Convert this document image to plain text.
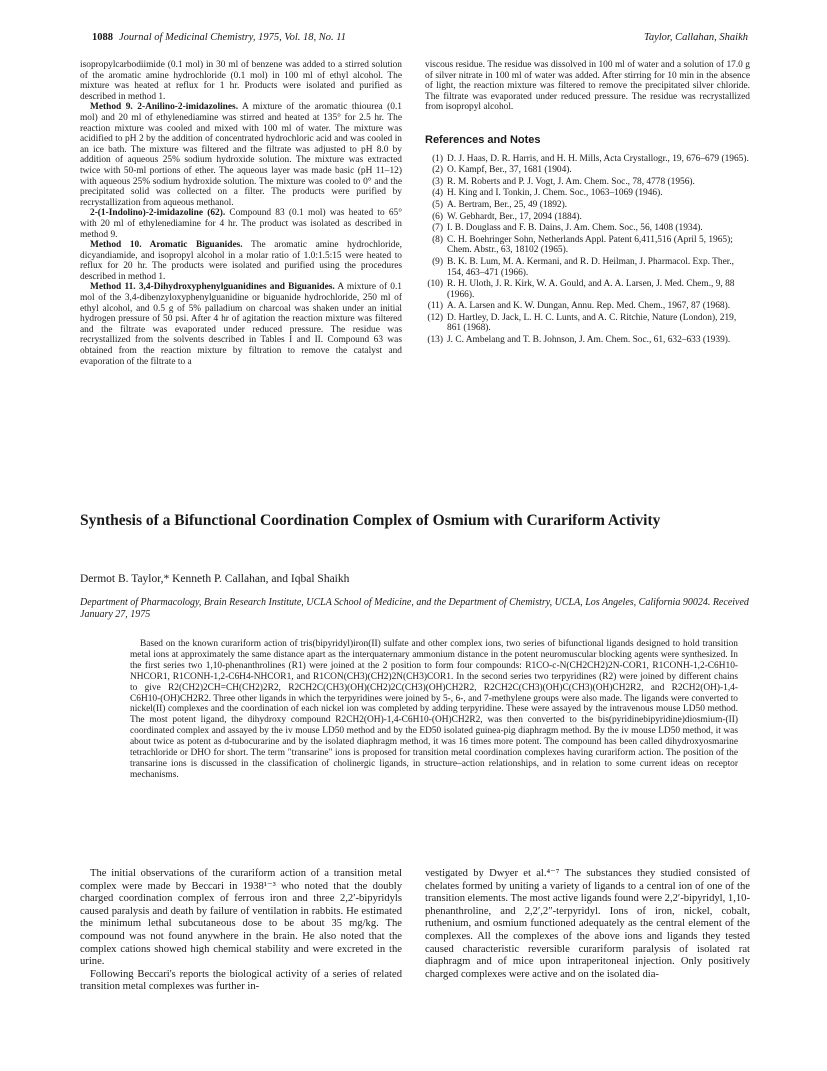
1088 Journal of Medicinal Chemistry, 1975, Vol. 18, No. 11	Taylor, Callahan, Shaikh

isopropylcarbodiimide (0.1 mol) in 30 ml of benzene was added to a stirred solution of the aromatic amine hydrochloride (0.1 mol) in 100 ml of ethyl alcohol. The mixture was heated at reflux for 1 hr. Products were isolated and purified as described in method 1.

Method 9. 2-Anilino-2-imidazolines. A mixture of the aromatic thiourea (0.1 mol) and 20 ml of ethylenediamine was stirred and heated at 135° for 2.5 hr. The reaction mixture was cooled and mixed with 100 ml of water. The mixture was acidified to pH 2 by the addition of concentrated hydrochloric acid and was cooled in an ice bath. The mixture was filtered and the filtrate was adjusted to pH 8.0 by addition of aqueous 25% sodium hydroxide solution. The mixture was extracted twice with 50-ml portions of ether. The aqueous layer was made basic (pH 11–12) with aqueous 25% sodium hydroxide solution. The mixture was cooled to 0° and the precipitated solid was collected on a filter. The products were purified by recrystallization from aqueous methanol.

2-(1-Indolino)-2-imidazoline (62). Compound 83 (0.1 mol) was heated to 65° with 20 ml of ethylenediamine for 4 hr. The product was isolated as described in method 9.

Method 10. Aromatic Biguanides. The aromatic amine hydrochloride, dicyandiamide, and isopropyl alcohol in a molar ratio of 1.0:1.5:15 were heated to reflux for 20 hr. The products were isolated and purified using the procedures described in method 1.

Method 11. 3,4-Dihydroxyphenylguanidines and Biguanides. A mixture of 0.1 mol of the 3,4-dibenzyloxyphenylguanidine or biguanide hydrochloride, 250 ml of ethyl alcohol, and 0.5 g of 5% palladium on charcoal was shaken under an initial hydrogen pressure of 50 psi. After 4 hr of agitation the reaction mixture was filtered and the filtrate was evaporated under reduced pressure. The residue was recrystallized from the solvents described in Tables I and II. Compound 63 was obtained from the reaction mixture by filtration to remove the catalyst and evaporation of the filtrate to a

viscous residue. The residue was dissolved in 100 ml of water and a solution of 17.0 g of silver nitrate in 100 ml of water was added. After stirring for 10 min in the absence of light, the reaction mixture was filtered to remove the precipitated silver chloride. The filtrate was evaporated under reduced pressure. The residue was recrystallized from isopropyl alcohol.

References and Notes
(1) D. J. Haas, D. R. Harris, and H. H. Mills, Acta Crystallogr., 19, 676–679 (1965).
(2) O. Kampf, Ber., 37, 1681 (1904).
(3) R. M. Roberts and P. J. Vogt, J. Am. Chem. Soc., 78, 4778 (1956).
(4) H. King and I. Tonkin, J. Chem. Soc., 1063–1069 (1946).
(5) A. Bertram, Ber., 25, 49 (1892).
(6) W. Gebhardt, Ber., 17, 2094 (1884).
(7) I. B. Douglass and F. B. Dains, J. Am. Chem. Soc., 56, 1408 (1934).
(8) C. H. Boehringer Sohn, Netherlands Appl. Patent 6,411,516 (April 5, 1965); Chem. Abstr., 63, 18102 (1965).
(9) B. K. B. Lum, M. A. Kermani, and R. D. Heilman, J. Pharmacol. Exp. Ther., 154, 463–471 (1966).
(10) R. H. Uloth, J. R. Kirk, W. A. Gould, and A. A. Larsen, J. Med. Chem., 9, 88 (1966).
(11) A. A. Larsen and K. W. Dungan, Annu. Rep. Med. Chem., 1967, 87 (1968).
(12) D. Hartley, D. Jack, L. H. C. Lunts, and A. C. Ritchie, Nature (London), 219, 861 (1968).
(13) J. C. Ambelang and T. B. Johnson, J. Am. Chem. Soc., 61, 632–633 (1939).
Synthesis of a Bifunctional Coordination Complex of Osmium with Curariform Activity
Dermot B. Taylor,* Kenneth P. Callahan, and Iqbal Shaikh
Department of Pharmacology, Brain Research Institute, UCLA School of Medicine, and the Department of Chemistry, UCLA, Los Angeles, California 90024. Received January 27, 1975

Based on the known curariform action of tris(bipyridyl)iron(II) sulfate and other complex ions, two series of bifunctional ligands designed to hold transition metal ions at approximately the same distance apart as the interquaternary ammonium distance in the potent neuromuscular blocking agents were synthesized. In the first series two 1,10-phenanthrolines (R1) were joined at the 2 position to form four compounds: R1CO-c-N(CH2CH2)2N-COR1, R1CONH-1,2-C6H10-NHCOR1, R1CONH-1,2-C6H4-NHCOR1, and R1CON(CH3)(CH2)2N(CH3)COR1. In the second series two terpyridines (R2) were joined by different chains to give R2(CH2)2CH=CH(CH2)2R2, R2CH2C(CH3)(OH)(CH2)2C(CH3)(OH)CH2R2, R2CH2C(CH3)(OH)C(CH3)(OH)CH2R2, and R2CH2(OH)-1,4-C6H10-(OH)CH2R2. Three other ligands in which the terpyridines were joined by 5-, 6-, and 7-methylene groups were also made. The ligands were converted to nickel(II) complexes and the coordination of each nickel ion was completed by adding terpyridine. These were assayed by the intravenous mouse LD50 method. The most potent ligand, the dihydroxy compound R2CH2(OH)-1,4-C6H10-(OH)CH2R2, was then converted to the bis(pyridinebipyridine)diosmium-(II) coordinated complex and assayed by the iv mouse LD50 method and by the ED50 isolated guinea-pig diaphragm method. By the iv mouse LD50 method, it was about twice as potent as d-tubocurarine and by the isolated diaphragm method, it was 16 times more potent. The compound has been called dihydroxyosmarine tetrachloride or DHO for short. The term "transarine" ions is proposed for transition metal coordination complexes having curariform action. The position of the transarine ions is discussed in the classification of cholinergic ligands, in structure–action relationships, and in relation to some current ideas on receptor mechanisms.

The initial observations of the curariform action of a transition metal complex were made by Beccari in 1938¹⁻³ who noted that the doubly charged coordination complex of ferrous iron and three 2,2′-bipyridyls caused paralysis and death by failure of ventilation in rabbits. He estimated the minimum lethal subcutaneous dose to be about 35 mg/kg. The compound was not found anywhere in the brain. He also noted that the complex cations showed high chemical stability and were excreted in the urine.

Following Beccari's reports the biological activity of a series of related transition metal complexes was further in-

vestigated by Dwyer et al.⁴⁻⁷ The substances they studied consisted of chelates formed by uniting a variety of ligands to a central ion of one of the transition elements. The most active ligands found were 2,2′-bipyridyl, 1,10-phenanthroline, and 2,2′,2″-terpyridyl. Ions of iron, nickel, cobalt, ruthenium, and osmium functioned adequately as the central element of the complexes. All the complexes of the above ions and ligands they tested caused characteristic reversible curariform paralysis of isolated rat diaphragm and of mice upon intraperitoneal injection. Only positively charged complexes were active and on the isolated dia-
